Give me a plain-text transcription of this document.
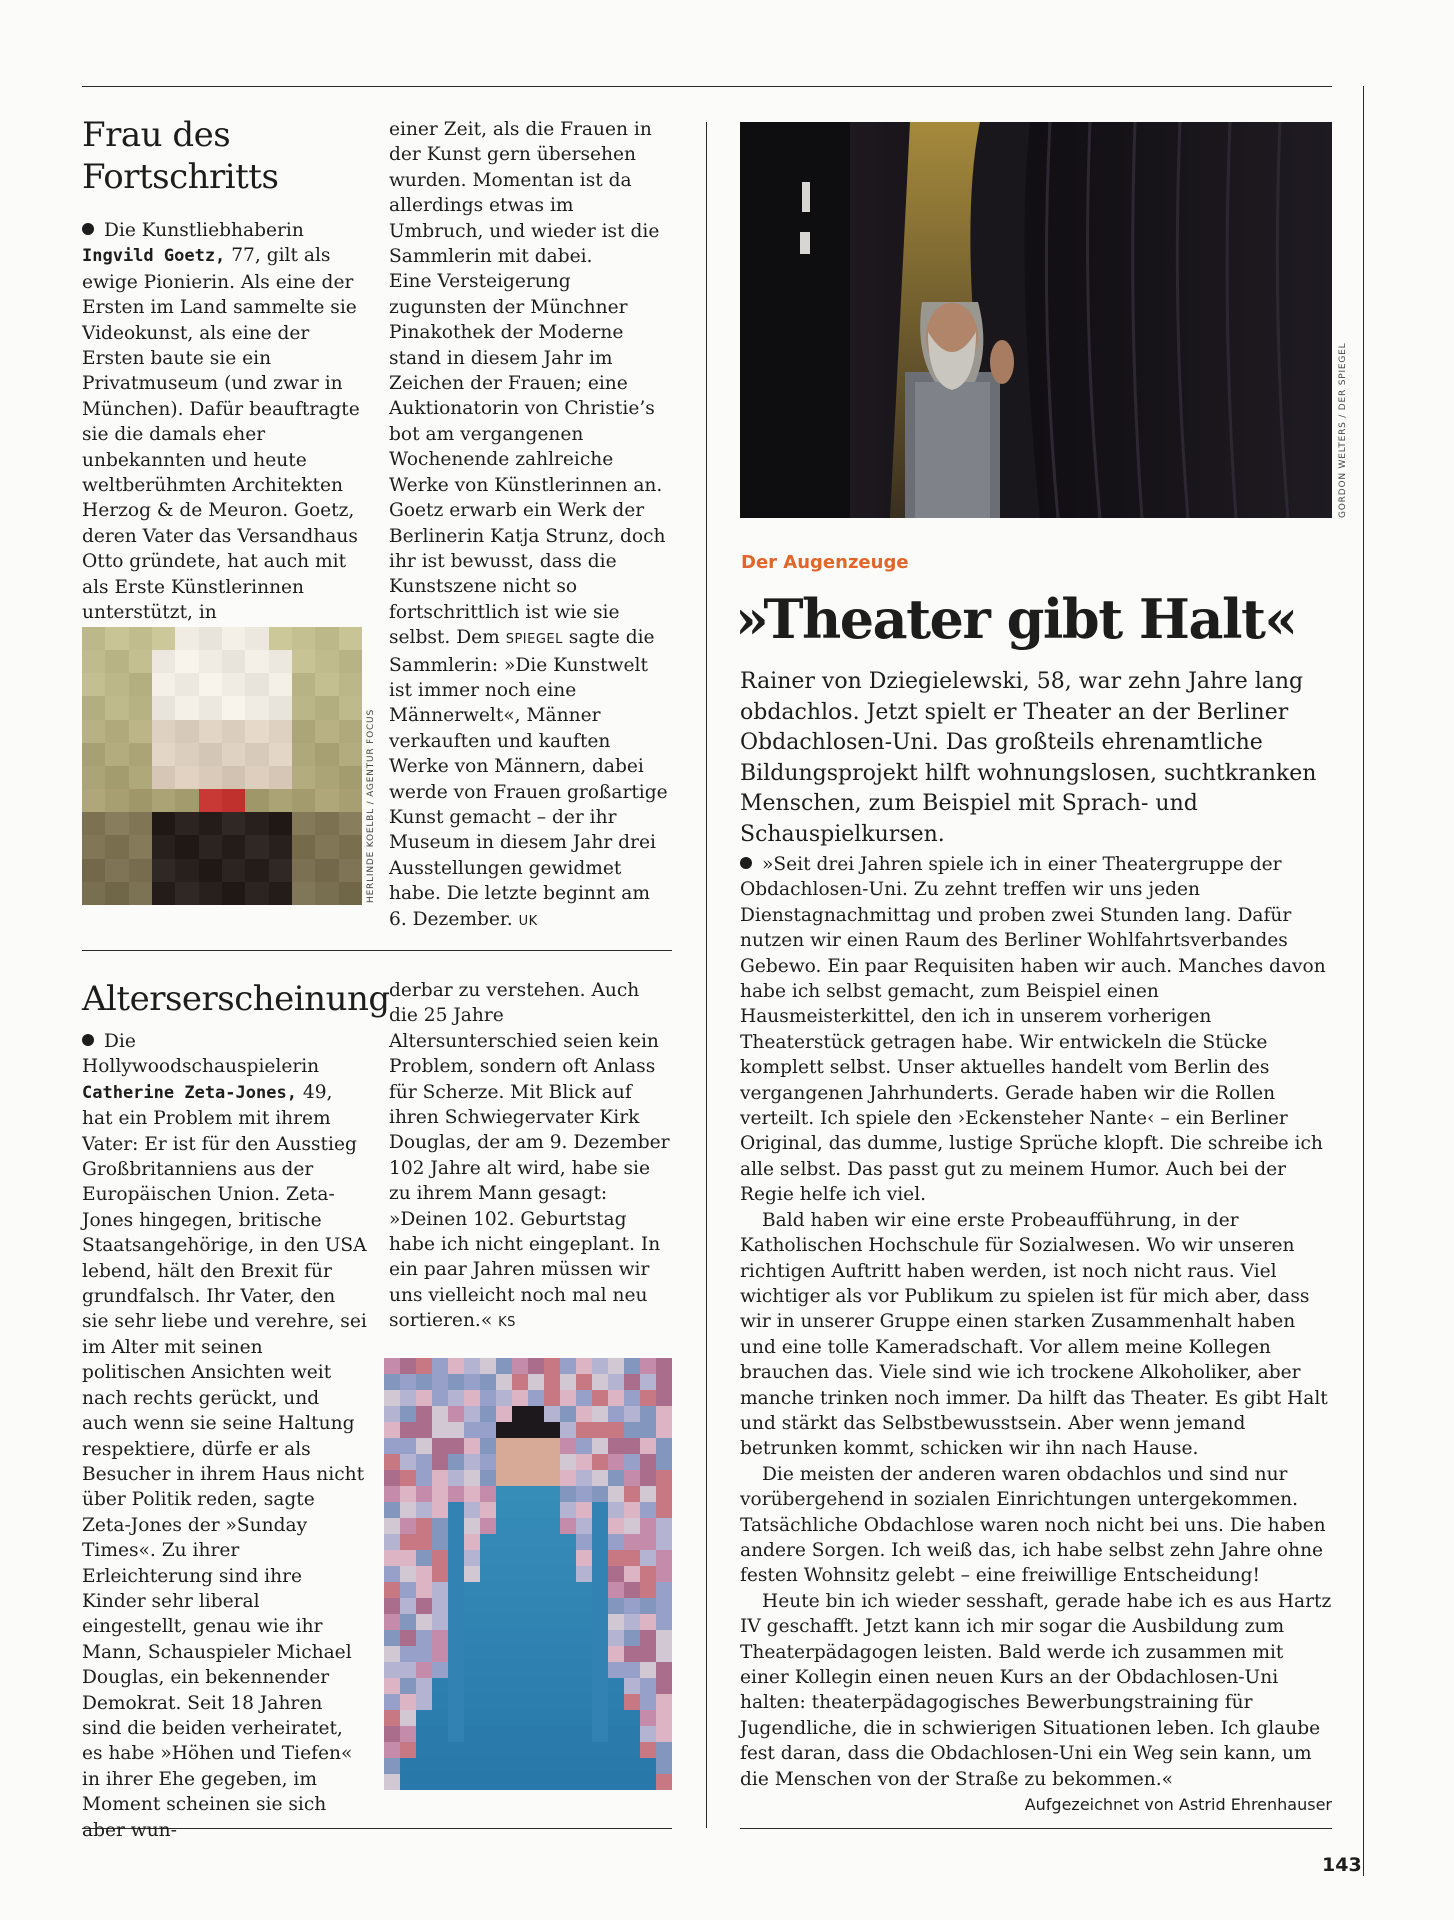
Frau des Fortschritts

Die Kunstliebhaberin Ingvild Goetz, 77, gilt als ewige Pionierin. Als eine der Ersten im Land sammelte sie Videokunst, als eine der Ersten baute sie ein Privatmuseum (und zwar in München). Dafür beauftragte sie die damals eher unbekannten und heute weltberühmten Architekten Herzog & de Meuron. Goetz, deren Vater das Versandhaus Otto gründete, hat auch mit als Erste Künstlerinnen unterstützt, in

HERLINDE KOELBL / AGENTUR FOCUS

einer Zeit, als die Frauen in der Kunst gern übersehen wurden. Momentan ist da allerdings etwas im Umbruch, und wieder ist die Sammlerin mit dabei.

Eine Versteigerung zugunsten der Münchner Pinakothek der Moderne stand in diesem Jahr im Zeichen der Frauen; eine Auktionatorin von Christie’s bot am vergangenen Wochenende zahlreiche Werke von Künstlerinnen an. Goetz erwarb ein Werk der Berlinerin Katja Strunz, doch ihr ist bewusst, dass die Kunstszene nicht so fortschrittlich ist wie sie selbst. Dem SPIEGEL sagte die Sammlerin: »Die Kunstwelt ist immer noch eine Männerwelt«, Männer verkauften und kauften Werke von Männern, dabei werde von Frauen großartige Kunst gemacht – der ihr Museum in diesem Jahr drei Ausstellungen gewidmet habe. Die letzte beginnt am 6. Dezember. UK

Alterserscheinung

Die Hollywoodschauspielerin Catherine Zeta-Jones, 49, hat ein Problem mit ihrem Vater: Er ist für den Ausstieg Großbritanniens aus der Europäischen Union. Zeta-Jones hingegen, britische Staatsangehörige, in den USA lebend, hält den Brexit für grundfalsch. Ihr Vater, den sie sehr liebe und verehre, sei im Alter mit seinen politischen Ansichten weit nach rechts gerückt, und auch wenn sie seine Haltung respektiere, dürfe er als Besucher in ihrem Haus nicht über Politik reden, sagte Zeta-Jones der »Sunday Times«. Zu ihrer Erleichterung sind ihre Kinder sehr liberal eingestellt, genau wie ihr Mann, Schauspieler Michael Douglas, ein bekennender Demokrat. Seit 18 Jahren sind die beiden verheiratet, es habe »Höhen und Tiefen« in ihrer Ehe gegeben, im Moment scheinen sie sich aber wun-

derbar zu verstehen. Auch die 25 Jahre Altersunterschied seien kein Problem, sondern oft Anlass für Scherze. Mit Blick auf ihren Schwiegervater Kirk Douglas, der am 9. Dezember 102 Jahre alt wird, habe sie zu ihrem Mann gesagt: »Deinen 102. Geburtstag habe ich nicht eingeplant. In ein paar Jahren müssen wir uns vielleicht noch mal neu sortieren.« KS

GORDON WELTERS / DER SPIEGEL
Der Augenzeuge
»Theater gibt Halt«

Rainer von Dziegielewski, 58, war zehn Jahre lang obdachlos. Jetzt spielt er Theater an der Berliner Obdachlosen-Uni. Das großteils ehrenamtliche Bildungsprojekt hilft wohnungslosen, suchtkranken Menschen, zum Beispiel mit Sprach- und Schauspielkursen.

»Seit drei Jahren spiele ich in einer Theatergruppe der Obdachlosen-Uni. Zu zehnt treffen wir uns jeden Dienstagnachmittag und proben zwei Stunden lang. Dafür nutzen wir einen Raum des Berliner Wohlfahrtsverbandes Gebewo. Ein paar Requisiten haben wir auch. Manches davon habe ich selbst gemacht, zum Beispiel einen Hausmeisterkittel, den ich in unserem vorherigen Theaterstück getragen habe. Wir entwickeln die Stücke komplett selbst. Unser aktuelles handelt vom Berlin des vergangenen Jahrhunderts. Gerade haben wir die Rollen verteilt. Ich spiele den ›Eckensteher Nante‹ – ein Berliner Original, das dumme, lustige Sprüche klopft. Die schreibe ich alle selbst. Das passt gut zu meinem Humor. Auch bei der Regie helfe ich viel.

Bald haben wir eine erste Probeaufführung, in der Katholischen Hochschule für Sozialwesen. Wo wir unseren richtigen Auftritt haben werden, ist noch nicht raus. Viel wichtiger als vor Publikum zu spielen ist für mich aber, dass wir in unserer Gruppe einen starken Zusammenhalt haben und eine tolle Kameradschaft. Vor allem meine Kollegen brauchen das. Viele sind wie ich trockene Alkoholiker, aber manche trinken noch immer. Da hilft das Theater. Es gibt Halt und stärkt das Selbstbewusstsein. Aber wenn jemand betrunken kommt, schicken wir ihn nach Hause.

Die meisten der anderen waren obdachlos und sind nur vorübergehend in sozialen Einrichtungen untergekommen. Tatsächliche Obdachlose waren noch nicht bei uns. Die haben andere Sorgen. Ich weiß das, ich habe selbst zehn Jahre ohne festen Wohnsitz gelebt – eine freiwillige Entscheidung!

Heute bin ich wieder sesshaft, gerade habe ich es aus Hartz IV geschafft. Jetzt kann ich mir sogar die Ausbildung zum Theaterpädagogen leisten. Bald werde ich zusammen mit einer Kollegin einen neuen Kurs an der Obdachlosen-Uni halten: theaterpädagogisches Bewerbungstraining für Jugendliche, die in schwierigen Situationen leben. Ich glaube fest daran, dass die Obdachlosen-Uni ein Weg sein kann, um die Menschen von der Straße zu bekommen.«

Aufgezeichnet von Astrid Ehrenhauser
143
